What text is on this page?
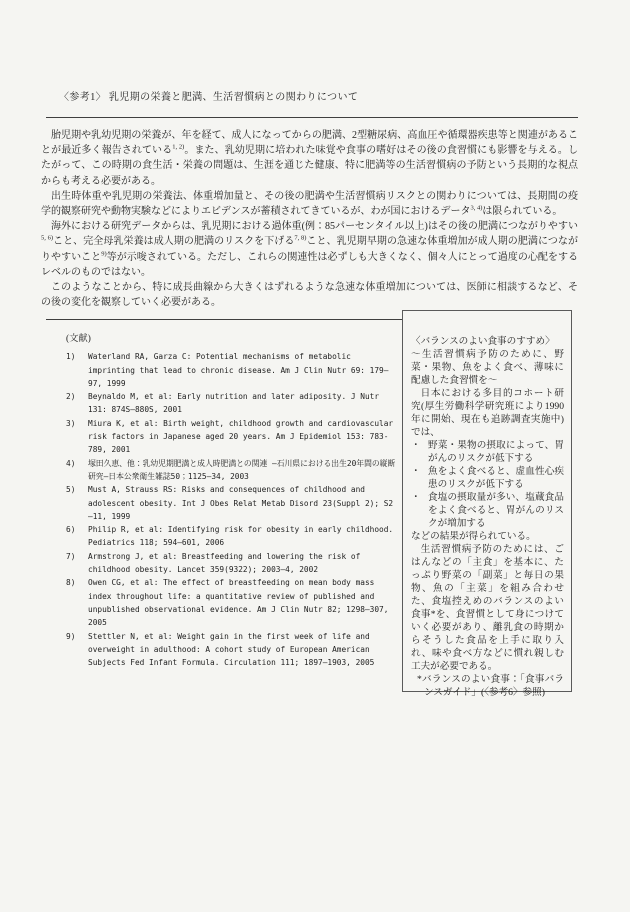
〈参考1〉 乳児期の栄養と肥満、生活習慣病との関わりについて

胎児期や乳幼児期の栄養が、年を経て、成人になってからの肥満、2型糖尿病、高血圧や循環器疾患等と関連があることが最近多く報告されている$^{1, 2)}$。また、乳幼児期に培われた味覚や食事の嗜好はその後の食習慣にも影響を与える。したがって、この時期の食生活・栄養の問題は、生涯を通じた健康、特に肥満等の生活習慣病の予防という長期的な視点からも考える必要がある。

出生時体重や乳児期の栄養法、体重増加量と、その後の肥満や生活習慣病リスクとの関わりについては、長期間の疫学的観察研究や動物実験などによりエビデンスが蓄積されてきているが、わが国におけるデータ$^{3, 4)}$は限られている。

海外における研究データからは、乳児期における過体重(例：85パーセンタイル以上)はその後の肥満につながりやすい$^{5, 6)}$こと、完全母乳栄養は成人期の肥満のリスクを下げる$^{7, 8)}$こと、乳児期早期の急速な体重増加が成人期の肥満につながりやすいこと$^{9)}$等が示唆されている。ただし、これらの関連性は必ずしも大きくなく、個々人にとって過度の心配をするレベルのものではない。

このようなことから、特に成長曲線から大きくはずれるような急速な体重増加については、医師に相談するなど、その後の変化を観察していく必要がある。

(文献)

1)	Waterland RA, Garza C: Potential mechanisms of metabolic imprinting that lead to chronic disease. Am J Clin Nutr 69: 179—97, 1999
2)	Beynaldo M, et al: Early nutrition and later adiposity. J Nutr 131: 874S—880S, 2001
3)	Miura K, et al: Birth weight, childhood growth and cardiovascular risk factors in Japanese aged 20 years. Am J Epidemiol 153: 783-789, 2001
4)	塚田久恵、他：乳幼児期肥満と成人時肥満との関連 —石川県における出生20年間の縦断研究—日本公衆衛生雑誌50；1125—34, 2003
5)	Must A, Strauss RS: Risks and consequences of childhood and adolescent obesity. Int J Obes Relat Metab Disord 23(Suppl 2); S2—11, 1999
6)	Philip R, et al: Identifying risk for obesity in early childhood. Pediatrics 118; 594—601, 2006
7)	Armstrong J, et al: Breastfeeding and lowering the risk of childhood obesity. Lancet 359(9322); 2003—4, 2002
8)	Owen CG, et al: The effect of breastfeeding on mean body mass index throughout life: a quantitative review of published and unpublished observational evidence. Am J Clin Nutr 82; 1298—307, 2005
9)	Stettler N, et al: Weight gain in the first week of life and overweight in adulthood: A cohort study of European American Subjects Fed Infant Formula. Circulation 111; 1897—1903, 2005

〈バランスのよい食事のすすめ〉

～生活習慣病予防のために、野菜・果物、魚をよく食べ、薄味に配慮した食習慣を～

日本における多目的コホート研究(厚生労働科学研究班により1990年に開始、現在も追跡調査実施中)では、

・ 野菜・果物の摂取によって、胃がんのリスクが低下する
・ 魚をよく食べると、虚血性心疾患のリスクが低下する
・ 食塩の摂取量が多い、塩蔵食品をよく食べると、胃がんのリスクが増加する

などの結果が得られている。

生活習慣病予防のためには、ごはんなどの「主食」を基本に、たっぷり野菜の「副菜」と毎日の果物、魚の「主菜」を組み合わせた、食塩控えめのバランスのよい食事*を、食習慣として身につけていく必要があり、離乳食の時期からそうした食品を上手に取り入れ、味や食べ方などに慣れ親しむ工夫が必要である。

*バランスのよい食事：「食事バランスガイド」(〈参考6〉参照)
